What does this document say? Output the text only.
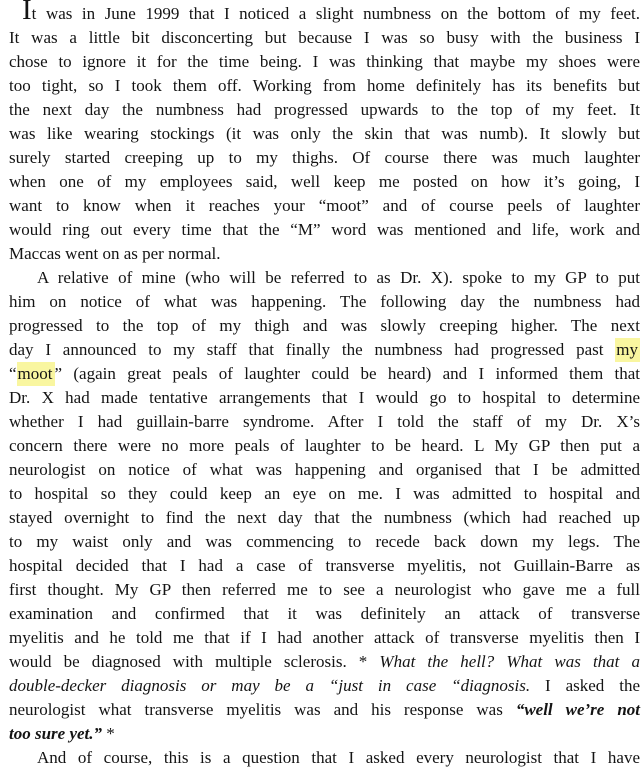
It was in June 1999 that I noticed a slight numbness on the bottom of my feet.
It was a little bit disconcerting but because I was so busy with the business I
chose to ignore it for the time being. I was thinking that maybe my shoes were
too tight, so I took them off. Working from home definitely has its benefits but
the next day the numbness had progressed upwards to the top of my feet. It
was like wearing stockings (it was only the skin that was numb). It slowly but
surely started creeping up to my thighs. Of course there was much laughter
when one of my employees said, well keep me posted on how it’s going, I
want to know when it reaches your “moot” and of course peels of laughter
would ring out every time that the “M” word was mentioned and life, work and
Maccas went on as per normal.
A relative of mine (who will be referred to as Dr. X). spoke to my GP to put
him on notice of what was happening. The following day the numbness had
progressed to the top of my thigh and was slowly creeping higher. The next
day I announced to my staff that finally the numbness had progressed past my
“moot ” (again great peals of laughter could be heard) and I informed them that
Dr. X had made tentative arrangements that I would go to hospital to determine
whether I had guillain-barre syndrome. After I told the staff of my Dr. X’s
concern there were no more peals of laughter to be heard. L My GP then put a
neurologist on notice of what was happening and organised that I be admitted
to hospital so they could keep an eye on me. I was admitted to hospital and
stayed overnight to find the next day that the numbness (which had reached up
to my waist only and was commencing to recede back down my legs. The
hospital decided that I had a case of transverse myelitis, not Guillain-Barre as
first thought. My GP then referred me to see a neurologist who gave me a full
examination and confirmed that it was definitely an attack of transverse
myelitis and he told me that if I had another attack of transverse myelitis then I
would be diagnosed with multiple sclerosis. * What the hell? What was that a
double-decker diagnosis or may be a “just in case “diagnosis. I asked the
neurologist what transverse myelitis was and his response was “well we’re not
too sure yet.” *
And of course, this is a question that I asked every neurologist that I have
